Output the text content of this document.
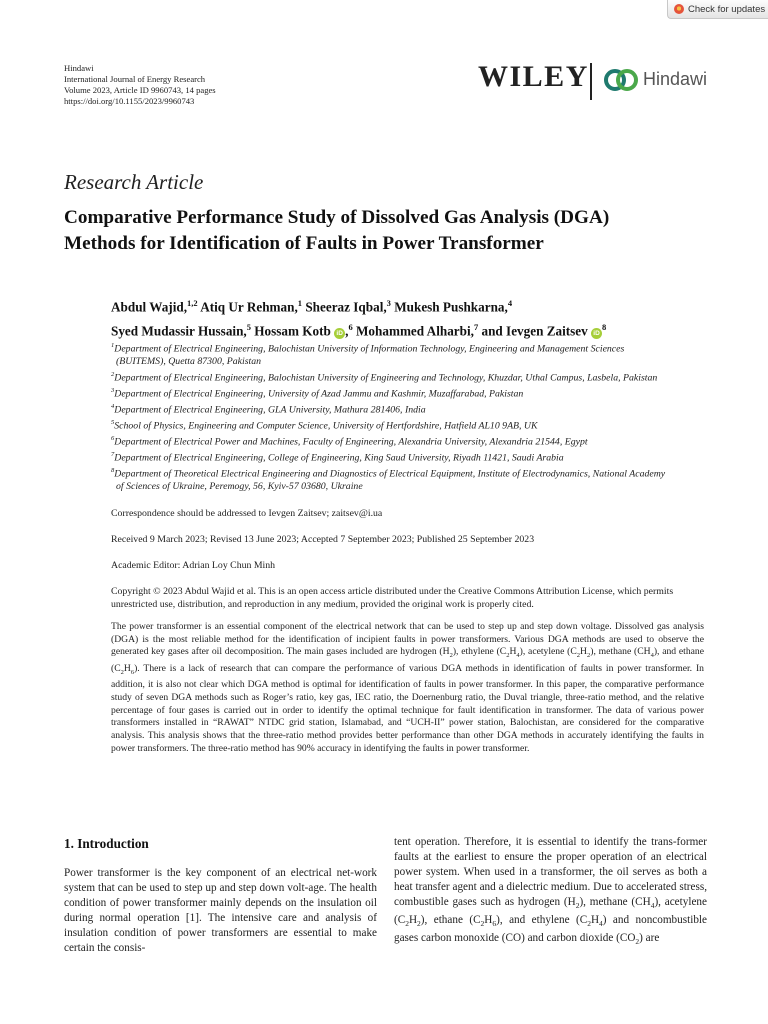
Check for updates
Hindawi
International Journal of Energy Research
Volume 2023, Article ID 9960743, 14 pages
https://doi.org/10.1155/2023/9960743
WILEY	Hindawi
Research Article
Comparative Performance Study of Dissolved Gas Analysis (DGA)
Methods for Identification of Faults in Power Transformer
Abdul Wajid,$^{1,2}$ Atiq Ur Rehman,$^1$ Sheeraz Iqbal,$^3$ Mukesh Pushkarna,$^4$
Syed Mudassir Hussain,$^5$ Hossam Kotb iD ,$^6$ Mohammed Alharbi,$^7$ and Ievgen Zaitsev $iD^8$
$^1$Department of Electrical Engineering, Balochistan University of Information Technology, Engineering and Management Sciences (BUITEMS), Quetta 87300, Pakistan
$^2$Department of Electrical Engineering, Balochistan University of Engineering and Technology, Khuzdar, Uthal Campus, Lasbela, Pakistan
$^3$Department of Electrical Engineering, University of Azad Jammu and Kashmir, Muzaffarabad, Pakistan
$^4$Department of Electrical Engineering, GLA University, Mathura 281406, India
$^5$School of Physics, Engineering and Computer Science, University of Hertfordshire, Hatfield AL10 9AB, UK
$^6$Department of Electrical Power and Machines, Faculty of Engineering, Alexandria University, Alexandria 21544, Egypt
$^7$Department of Electrical Engineering, College of Engineering, King Saud University, Riyadh 11421, Saudi Arabia
$^8$Department of Theoretical Electrical Engineering and Diagnostics of Electrical Equipment, Institute of Electrodynamics, National Academy of Sciences of Ukraine, Peremogy, 56, Kyiv-57 03680, Ukraine
Correspondence should be addressed to Ievgen Zaitsev; zaitsev@i.ua
Received 9 March 2023; Revised 13 June 2023; Accepted 7 September 2023; Published 25 September 2023
Academic Editor: Adrian Loy Chun Minh
Copyright © 2023 Abdul Wajid et al. This is an open access article distributed under the Creative Commons Attribution License, which permits unrestricted use, distribution, and reproduction in any medium, provided the original work is properly cited.
The power transformer is an essential component of the electrical network that can be used to step up and step down voltage. Dissolved gas analysis (DGA) is the most reliable method for the identification of incipient faults in power transformers. Various DGA methods are used to observe the generated key gases after oil decomposition. The main gases included are hydrogen $(H_2)$, ethylene $(C_2H_4)$, acetylene $(C_2H_2)$, methane $(CH_4)$, and ethane $(C_2H_6)$. There is a lack of research that can compare the performance of various DGA methods in identification of faults in power transformer. In addition, it is also not clear which DGA method is optimal for identification of faults in power transformer. In this paper, the comparative performance study of seven DGA methods such as Roger’s ratio, key gas, IEC ratio, the Doernenburg ratio, the Duval triangle, three-ratio method, and the relative percentage of four gases is carried out in order to identify the optimal technique for fault identification in transformer. The data of various power transformers installed in “RAWAT” NTDC grid station, Islamabad, and “UCH-II” power station, Balochistan, are considered for the comparative analysis. This analysis shows that the three-ratio method provides better performance than other DGA methods in accurately identifying the faults in power transformers. The three-ratio method has 90% accuracy in identifying the faults in power transformer.
1. Introduction
Power transformer is the key component of an electrical net-work system that can be used to step up and step down volt-age. The health condition of power transformer mainly depends on the insulation oil during normal operation [1]. The intensive care and analysis of insulation condition of power transformers are essential to make certain the consis-
tent operation. Therefore, it is essential to identify the trans-former faults at the earliest to ensure the proper operation of an electrical power system. When used in a transformer, the oil serves as both a heat transfer agent and a dielectric medium. Due to accelerated stress, combustible gases such as hydrogen $(H_2)$, methane $(CH_4)$, acetylene $(C_2H_2)$, ethane $(C_2H_6)$, and ethylene $(C_2H_4)$ and noncombustible gases carbon monoxide (CO) and carbon dioxide $(CO_2)$ are
